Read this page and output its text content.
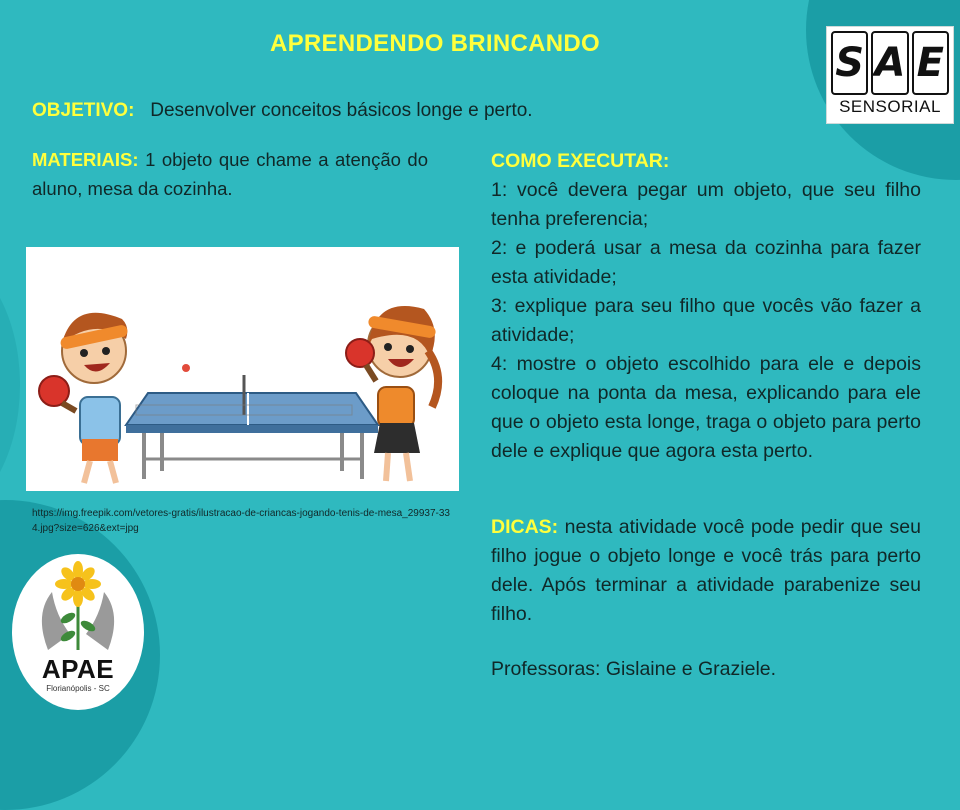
APRENDENDO BRINCANDO
OBJETIVO: Desenvolver conceitos básicos longe e perto.
MATERIAIS: 1 objeto que chame a atenção do aluno, mesa da cozinha.
https://img.freepik.com/vetores-gratis/ilustracao-de-criancas-jogando-tenis-de-mesa_29937-334.jpg?size=626&ext=jpg
COMO EXECUTAR:
1: você devera pegar um objeto, que seu filho tenha preferencia;
2: e poderá usar a mesa da cozinha para fazer esta atividade;
3: explique para seu filho que vocês vão fazer a atividade;
4: mostre o objeto escolhido para ele e depois coloque na ponta da mesa, explicando para ele que o objeto esta longe, traga o objeto para perto dele e explique que agora esta perto.
DICAS: nesta atividade você pode pedir que seu filho jogue o objeto longe e você trás para perto dele. Após terminar a atividade parabenize seu filho.
Professoras: Gislaine e Graziele.
S A E
SENSORIAL
APAE
Florianópolis - SC
